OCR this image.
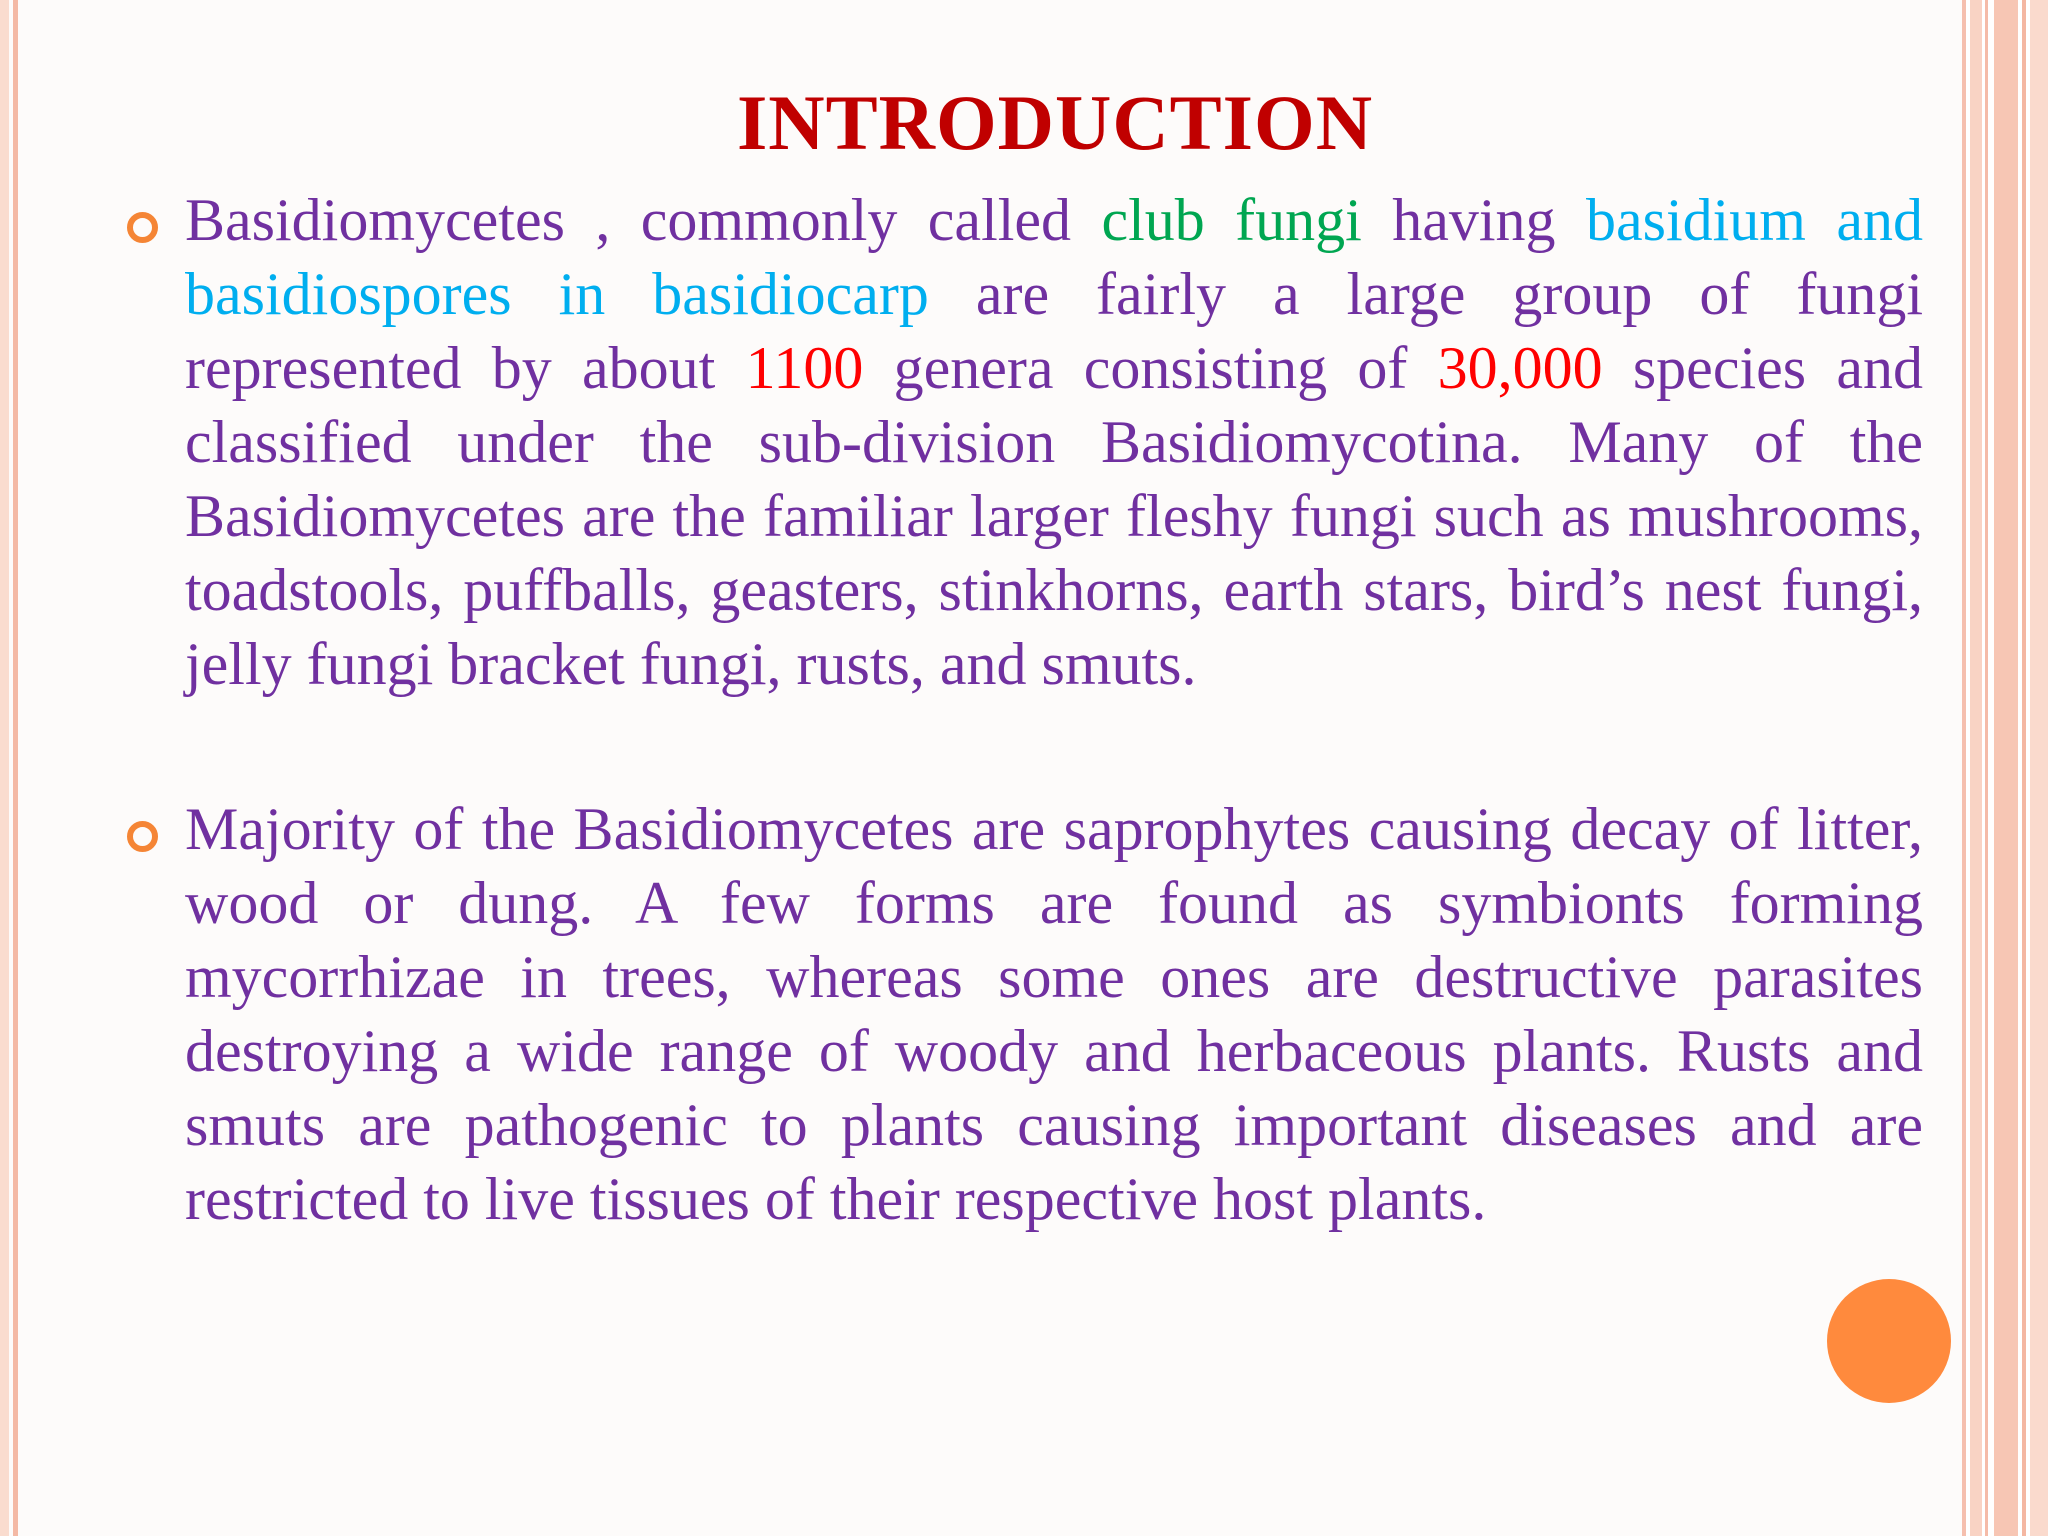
INTRODUCTION

Basidiomycetes , commonly called club fungi having basidium and basidiospores in basidiocarp are fairly a large group of fungi represented by about 1100 genera consisting of 30,000 species and classified under the sub-division Basidiomycotina. Many of the Basidiomycetes are the familiar larger fleshy fungi such as mushrooms, toadstools, puffballs, geasters, stinkhorns, earth stars, bird’s nest fungi, jelly fungi bracket fungi, rusts, and smuts.

Majority of the Basidiomycetes are saprophytes causing decay of litter, wood or dung. A few forms are found as symbionts forming mycorrhizae in trees, whereas some ones are destructive parasites destroying a wide range of woody and herbaceous plants. Rusts and smuts are pathogenic to plants causing important diseases and are restricted to live tissues of their respective host plants.
